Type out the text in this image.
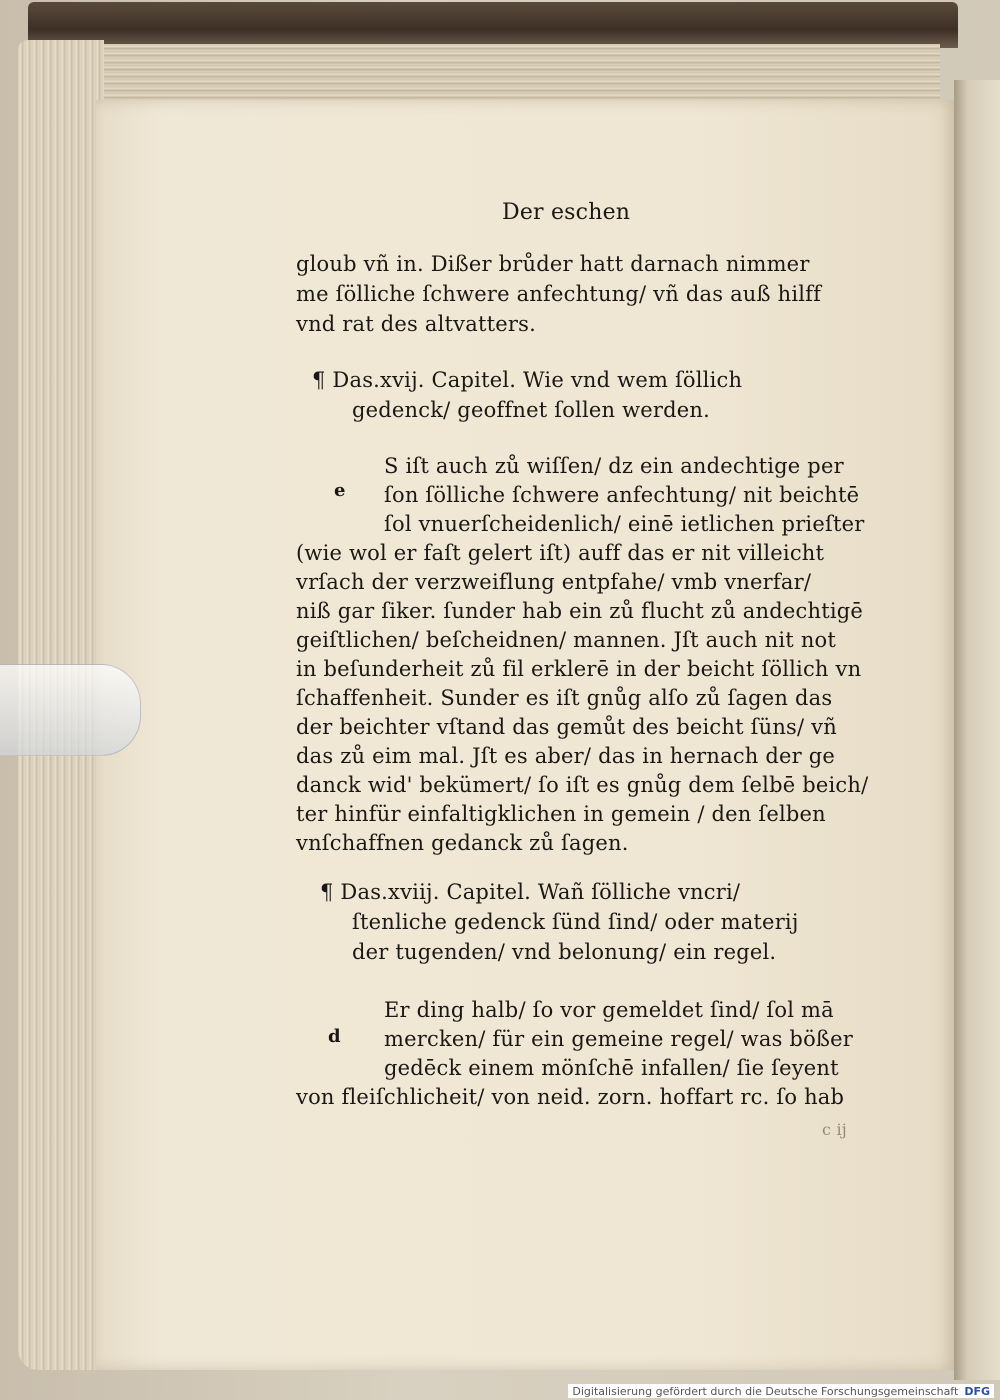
Der eschen
gloub vñ in. Dißer brůder hatt darnach nimmer
me ſölliche ſchwere anfechtung/ vñ das auß hilff
vnd rat des altvatters.
¶ Das.xvij. Capitel. Wie vnd wem ſöllich
gedenck/ geoffnet ſollen werden.
S iſt auch zů wiſſen/ dz ein andechtige per
e ſon ſölliche ſchwere anfechtung/ nit beichtē
ſol vnuerſcheidenlich/ einē ietlichen prieſter
(wie wol er faſt gelert iſt) auff das er nit villeicht
vrſach der verzweiflung entpfahe/ vmb vnerfar/
niß gar ſiker. ſunder hab ein zů flucht zů andechtigē
geiſtlichen/ beſcheidnen/ mannen. Jſt auch nit not
in beſunderheit zů fil erklerē in der beicht ſöllich vn
ſchaffenheit. Sunder es iſt gnůg alſo zů ſagen das
der beichter vſtand das gemůt des beicht ſüns/ vñ
das zů eim mal. Jſt es aber/ das in hernach der ge
danck wid' bekümert/ ſo iſt es gnůg dem ſelbē beich/
ter hinfür einfaltigklichen in gemein / den ſelben
vnſchaffnen gedanck zů ſagen.
¶ Das.xviij. Capitel. Wañ ſölliche vncri/
ſtenliche gedenck ſünd ſind/ oder materij
der tugenden/ vnd belonung/ ein regel.
Er ding halb/ ſo vor gemeldet ſind/ ſol mā
d mercken/ für ein gemeine regel/ was bößer
gedēck einem mönſchē infallen/ ſie ſeyent
von fleiſchlicheit/ von neid. zorn. hoffart rc. ſo hab
c ij
Digitalisierung gefördert durch die Deutsche Forschungsgemeinschaft DFG
